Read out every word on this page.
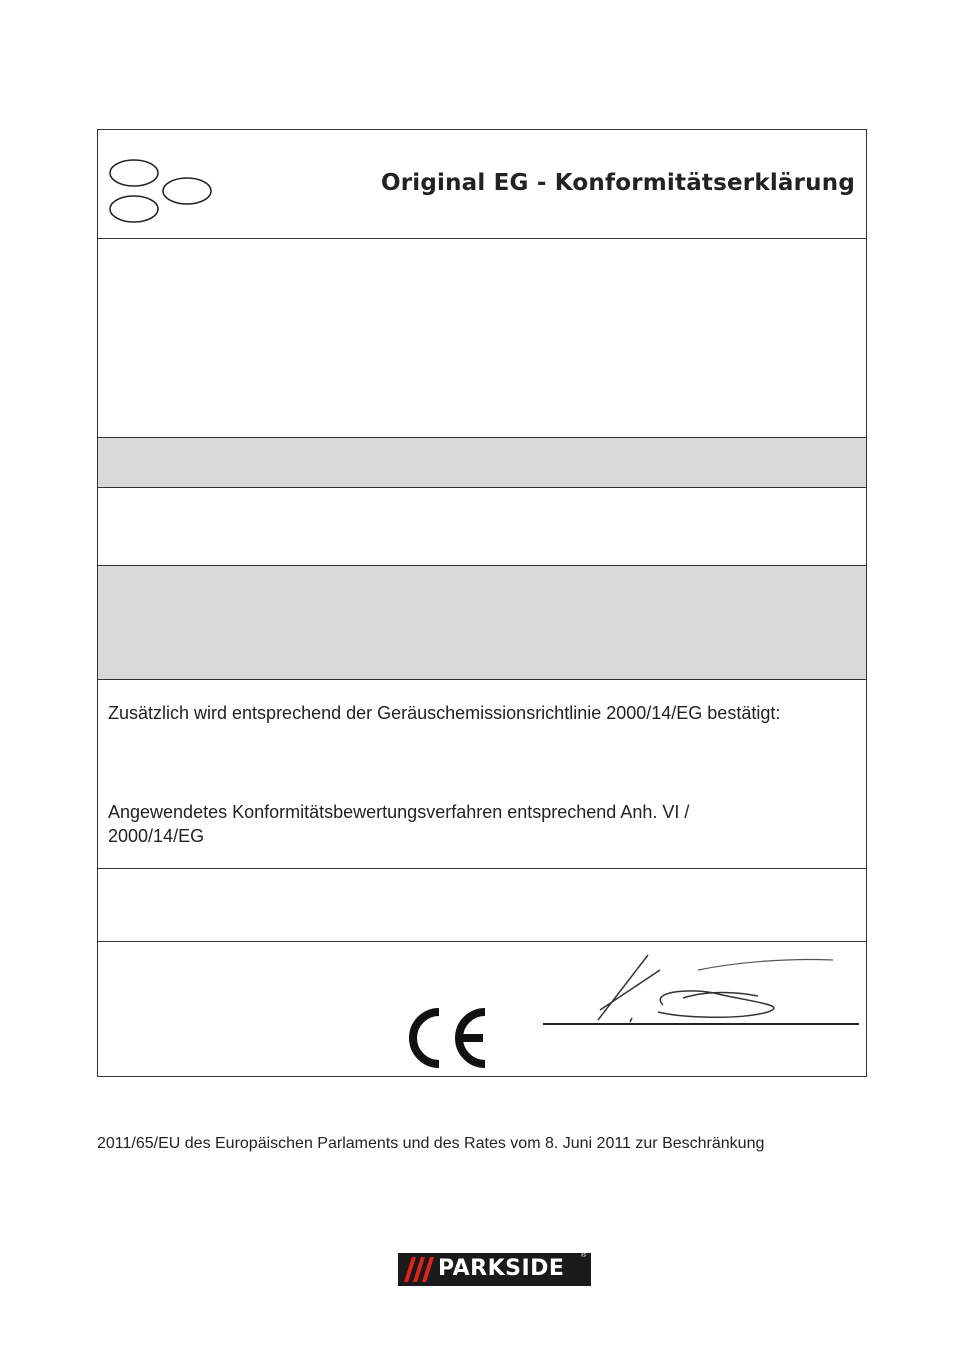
Original EG - Konformitätserklärung

Zusätzlich wird entsprechend der Geräuschemissionsrichtlinie 2000/14/EG bestätigt:

Angewendetes Konformitätsbewertungsverfahren entsprechend Anh. VI / 2000/14/EG

2011/65/EU des Europäischen Parlaments und des Rates vom 8. Juni 2011 zur Beschränkung

PARKSIDE
®
